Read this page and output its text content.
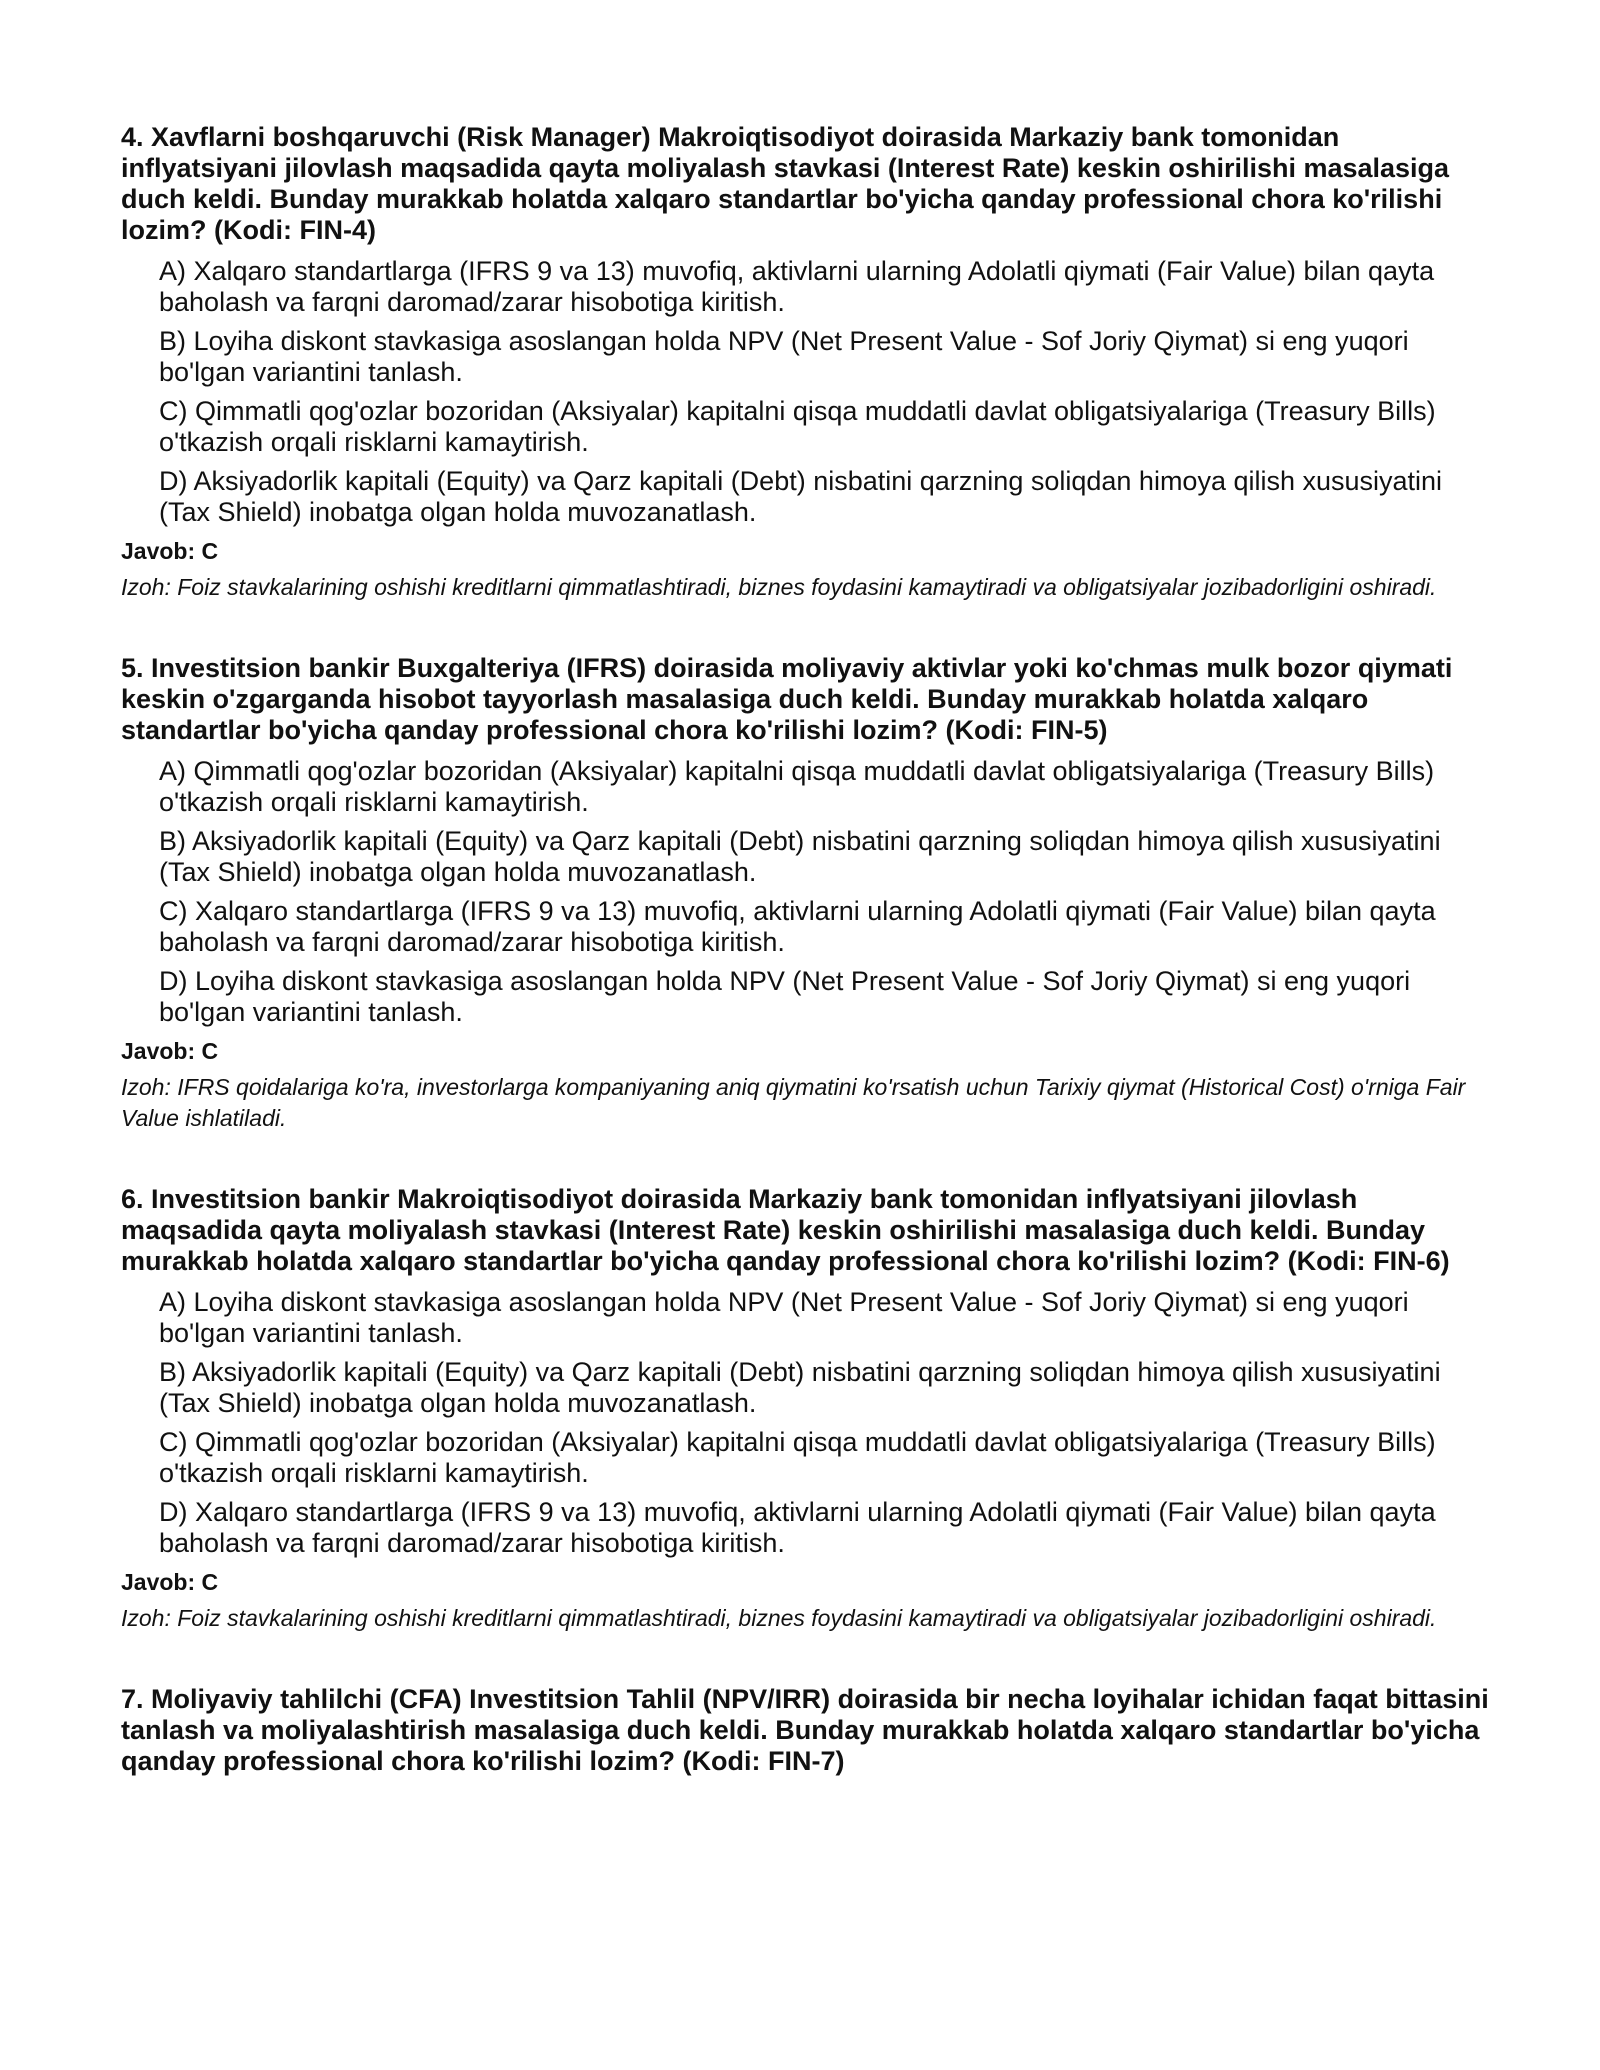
4. Xavflarni boshqaruvchi (Risk Manager) Makroiqtisodiyot doirasida Markaziy bank tomonidan inflyatsiyani jilovlash maqsadida qayta moliyalash stavkasi (Interest Rate) keskin oshirilishi masalasiga duch keldi. Bunday murakkab holatda xalqaro standartlar bo'yicha qanday professional chora ko'rilishi lozim? (Kodi: FIN-4)

A) Xalqaro standartlarga (IFRS 9 va 13) muvofiq, aktivlarni ularning Adolatli qiymati (Fair Value) bilan qayta baholash va farqni daromad/zarar hisobotiga kiritish.
B) Loyiha diskont stavkasiga asoslangan holda NPV (Net Present Value - Sof Joriy Qiymat) si eng yuqori bo'lgan variantini tanlash.
C) Qimmatli qog'ozlar bozoridan (Aksiyalar) kapitalni qisqa muddatli davlat obligatsiyalariga (Treasury Bills) o'tkazish orqali risklarni kamaytirish.
D) Aksiyadorlik kapitali (Equity) va Qarz kapitali (Debt) nisbatini qarzning soliqdan himoya qilish xususiyatini (Tax Shield) inobatga olgan holda muvozanatlash.

Javob: C

Izoh: Foiz stavkalarining oshishi kreditlarni qimmatlashtiradi, biznes foydasini kamaytiradi va obligatsiyalar jozibadorligini oshiradi.

5. Investitsion bankir Buxgalteriya (IFRS) doirasida moliyaviy aktivlar yoki ko'chmas mulk bozor qiymati keskin o'zgarganda hisobot tayyorlash masalasiga duch keldi. Bunday murakkab holatda xalqaro standartlar bo'yicha qanday professional chora ko'rilishi lozim? (Kodi: FIN-5)

A) Qimmatli qog'ozlar bozoridan (Aksiyalar) kapitalni qisqa muddatli davlat obligatsiyalariga (Treasury Bills) o'tkazish orqali risklarni kamaytirish.
B) Aksiyadorlik kapitali (Equity) va Qarz kapitali (Debt) nisbatini qarzning soliqdan himoya qilish xususiyatini (Tax Shield) inobatga olgan holda muvozanatlash.
C) Xalqaro standartlarga (IFRS 9 va 13) muvofiq, aktivlarni ularning Adolatli qiymati (Fair Value) bilan qayta baholash va farqni daromad/zarar hisobotiga kiritish.
D) Loyiha diskont stavkasiga asoslangan holda NPV (Net Present Value - Sof Joriy Qiymat) si eng yuqori bo'lgan variantini tanlash.

Javob: C

Izoh: IFRS qoidalariga ko'ra, investorlarga kompaniyaning aniq qiymatini ko'rsatish uchun Tarixiy qiymat (Historical Cost) o'rniga Fair Value ishlatiladi.

6. Investitsion bankir Makroiqtisodiyot doirasida Markaziy bank tomonidan inflyatsiyani jilovlash maqsadida qayta moliyalash stavkasi (Interest Rate) keskin oshirilishi masalasiga duch keldi. Bunday murakkab holatda xalqaro standartlar bo'yicha qanday professional chora ko'rilishi lozim? (Kodi: FIN-6)

A) Loyiha diskont stavkasiga asoslangan holda NPV (Net Present Value - Sof Joriy Qiymat) si eng yuqori bo'lgan variantini tanlash.
B) Aksiyadorlik kapitali (Equity) va Qarz kapitali (Debt) nisbatini qarzning soliqdan himoya qilish xususiyatini (Tax Shield) inobatga olgan holda muvozanatlash.
C) Qimmatli qog'ozlar bozoridan (Aksiyalar) kapitalni qisqa muddatli davlat obligatsiyalariga (Treasury Bills) o'tkazish orqali risklarni kamaytirish.
D) Xalqaro standartlarga (IFRS 9 va 13) muvofiq, aktivlarni ularning Adolatli qiymati (Fair Value) bilan qayta baholash va farqni daromad/zarar hisobotiga kiritish.

Javob: C

Izoh: Foiz stavkalarining oshishi kreditlarni qimmatlashtiradi, biznes foydasini kamaytiradi va obligatsiyalar jozibadorligini oshiradi.

7. Moliyaviy tahlilchi (CFA) Investitsion Tahlil (NPV/IRR) doirasida bir necha loyihalar ichidan faqat bittasini tanlash va moliyalashtirish masalasiga duch keldi. Bunday murakkab holatda xalqaro standartlar bo'yicha qanday professional chora ko'rilishi lozim? (Kodi: FIN-7)
